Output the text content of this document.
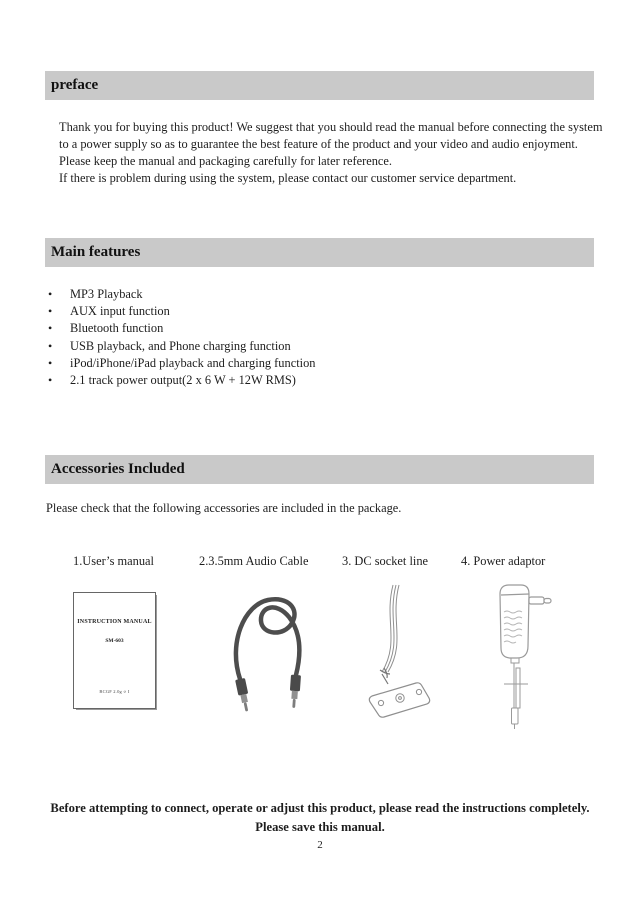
preface
Thank you for buying this product! We suggest that you should read the manual before connecting the system
to a power supply so as to guarantee the best feature of the product and your video and audio enjoyment.
Please keep the manual and packaging carefully for later reference.
If there is problem during using the system, please contact our customer service department.
Main features
•
MP3 Playback
•
AUX input function
•
Bluetooth function
•
USB playback, and Phone charging function
•
iPod/iPhone/iPad playback and charging function
•
2.1 track power output(2 x 6 W + 12W RMS)
Accessories Included
Please check that the following accessories are included in the package.
1.User’s manual	2.3.5mm Audio Cable	3. DC socket line	4. Power adaptor
INSTRUCTION MANUAL
SM-603
BCGF 2.0g ∝ I
Before attempting to connect, operate or adjust this product, please read the instructions completely.
Please save this manual.
2
